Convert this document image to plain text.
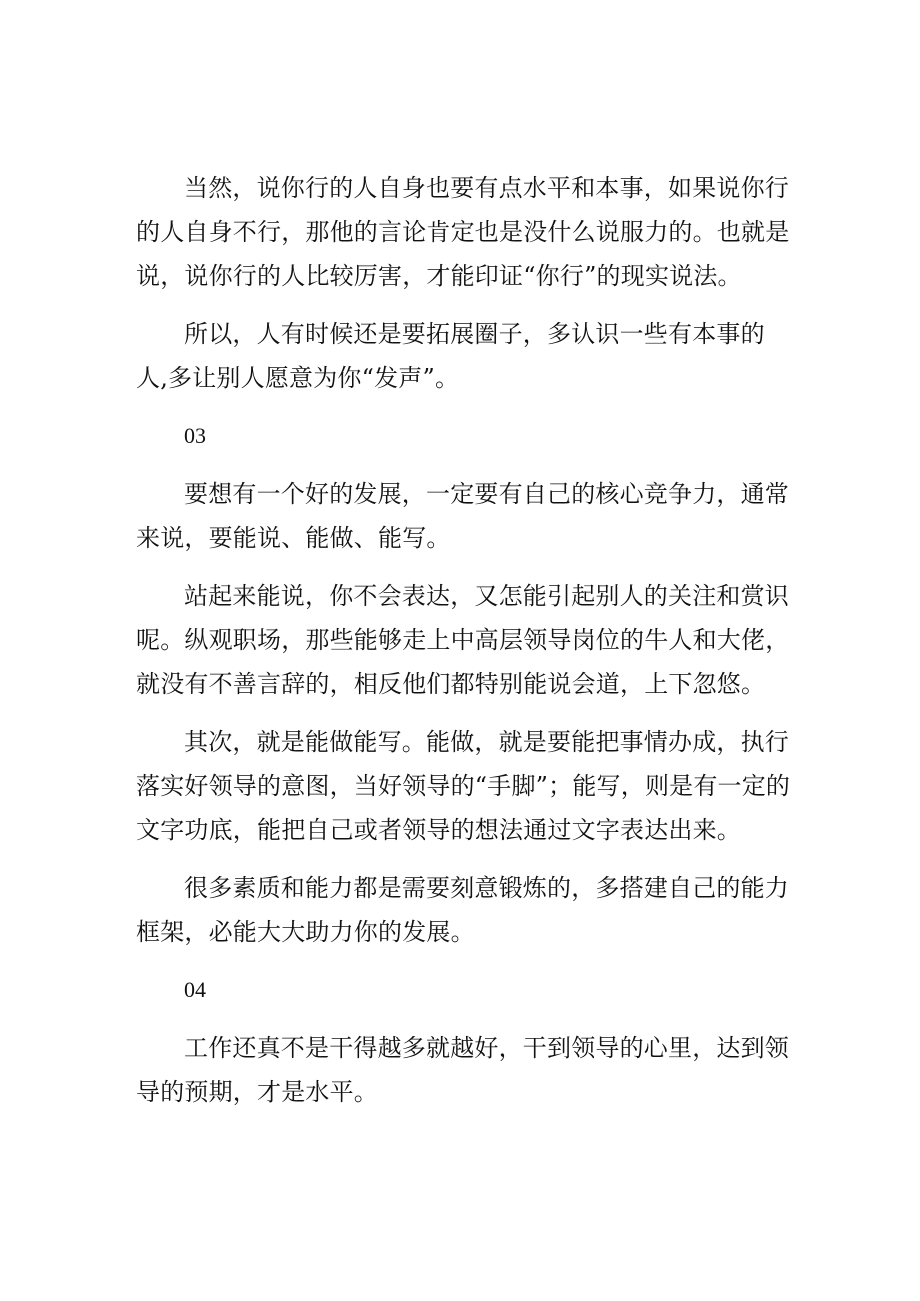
当然，说你行的人自身也要有点水平和本事，如果说你行的人自身不行，那他的言论肯定也是没什么说服力的。也就是说，说你行的人比较厉害，才能印证“你行”的现实说法。

所以，人有时候还是要拓展圈子，多认识一些有本事的人,多让别人愿意为你“发声”。

03

要想有一个好的发展，一定要有自己的核心竞争力，通常来说，要能说、能做、能写。

站起来能说，你不会表达，又怎能引起别人的关注和赏识呢。纵观职场，那些能够走上中高层领导岗位的牛人和大佬，就没有不善言辞的，相反他们都特别能说会道，上下忽悠。

其次，就是能做能写。能做，就是要能把事情办成，执行落实好领导的意图，当好领导的“手脚”；能写，则是有一定的文字功底，能把自己或者领导的想法通过文字表达出来。

很多素质和能力都是需要刻意锻炼的，多搭建自己的能力框架，必能大大助力你的发展。

04

工作还真不是干得越多就越好，干到领导的心里，达到领导的预期，才是水平。
